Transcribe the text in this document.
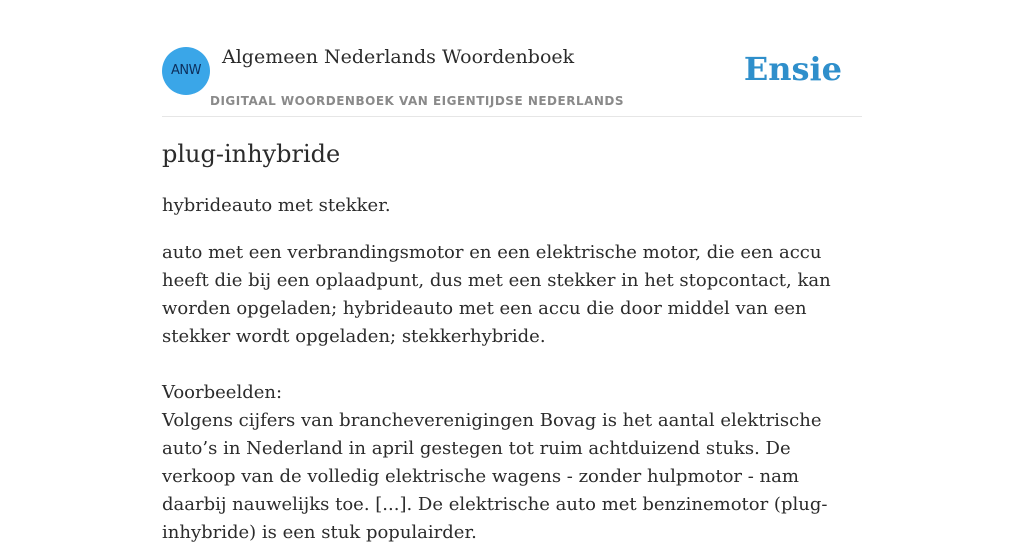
ANW
Algemeen Nederlands Woordenboek
DIGITAAL WOORDENBOEK VAN EIGENTIJDSE NEDERLANDS
Ensie
plug-inhybride
hybrideauto met stekker.

auto met een verbrandingsmotor en een elektrische motor, die een accu heeft die bij een oplaadpunt, dus met een stekker in het stopcontact, kan worden opgeladen; hybrideauto met een accu die door middel van een stekker wordt opgeladen; stekkerhybride.

Voorbeelden:

Volgens cijfers van brancheverenigingen Bovag is het aantal elektrische auto’s in Nederland in april gestegen tot ruim achtduizend stuks. De verkoop van de volledig elektrische wagens - zonder hulpmotor - nam daarbij nauwelijks toe. [...]. De elektrische auto met benzinemotor (plug-inhybride) is een stuk populairder.
